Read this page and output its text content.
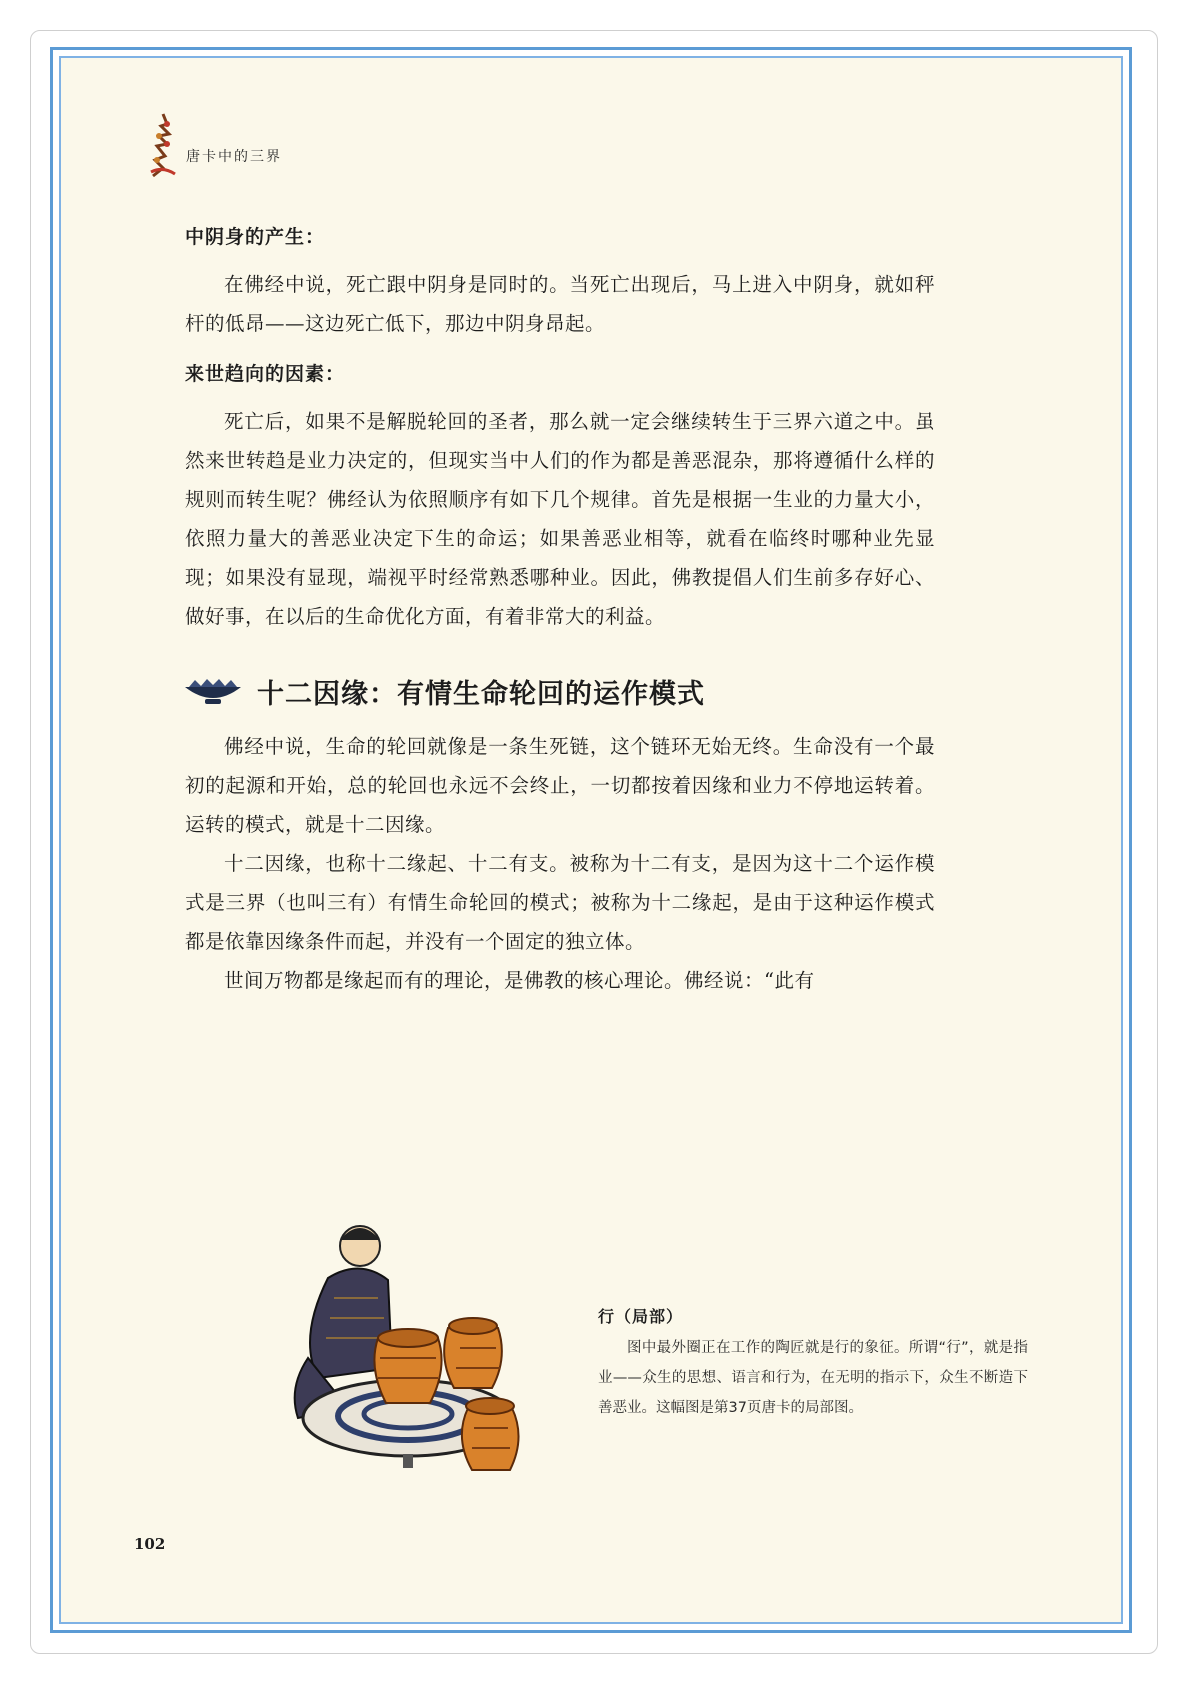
唐卡中的三界
中阴身的产生：

在佛经中说，死亡跟中阴身是同时的。当死亡出现后，马上进入中阴身，就如秤杆的低昂——这边死亡低下，那边中阴身昂起。

来世趋向的因素：

死亡后，如果不是解脱轮回的圣者，那么就一定会继续转生于三界六道之中。虽然来世转趋是业力决定的，但现实当中人们的作为都是善恶混杂，那将遵循什么样的规则而转生呢？佛经认为依照顺序有如下几个规律。首先是根据一生业的力量大小，依照力量大的善恶业决定下生的命运；如果善恶业相等，就看在临终时哪种业先显现；如果没有显现，端视平时经常熟悉哪种业。因此，佛教提倡人们生前多存好心、做好事，在以后的生命优化方面，有着非常大的利益。

十二因缘：有情生命轮回的运作模式

佛经中说，生命的轮回就像是一条生死链，这个链环无始无终。生命没有一个最初的起源和开始，总的轮回也永远不会终止，一切都按着因缘和业力不停地运转着。运转的模式，就是十二因缘。

十二因缘，也称十二缘起、十二有支。被称为十二有支，是因为这十二个运作模式是三界（也叫三有）有情生命轮回的模式；被称为十二缘起，是由于这种运作模式都是依靠因缘条件而起，并没有一个固定的独立体。

世间万物都是缘起而有的理论，是佛教的核心理论。佛经说：“此有

行（局部）

图中最外圈正在工作的陶匠就是行的象征。所谓“行”，就是指业——众生的思想、语言和行为，在无明的指示下，众生不断造下善恶业。这幅图是第37页唐卡的局部图。

102
